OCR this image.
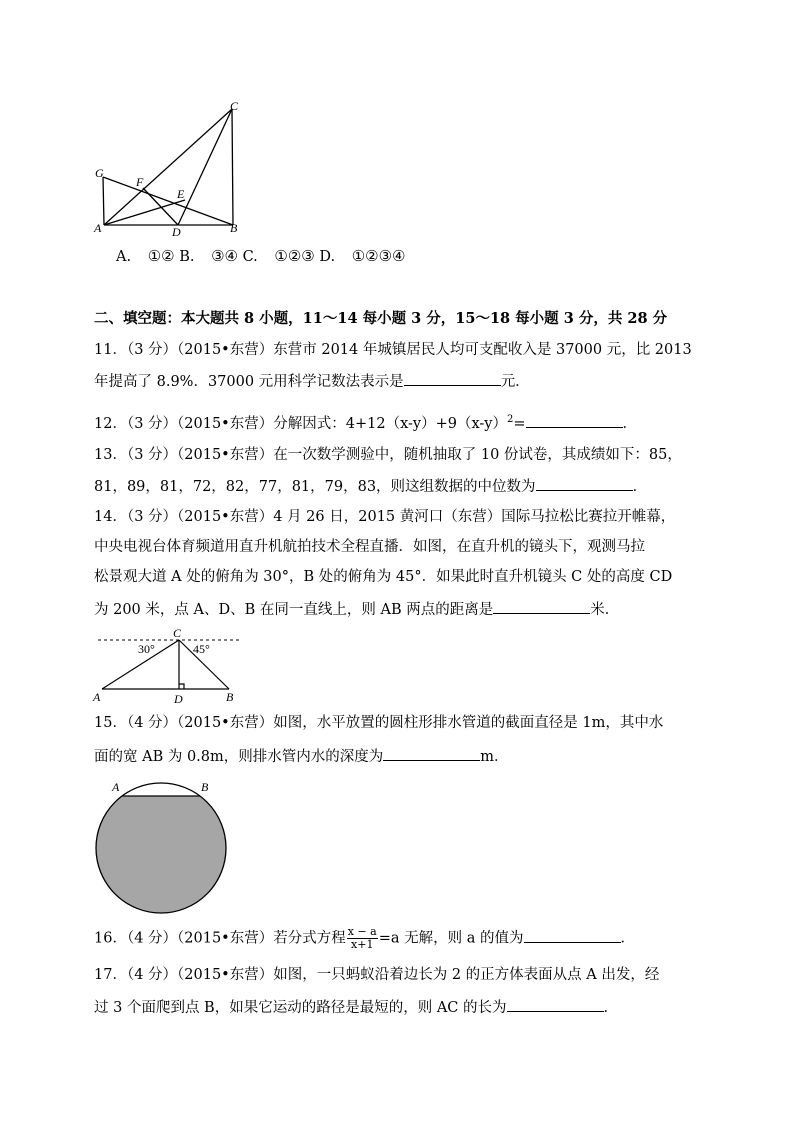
C
G
F
E
A	D	B
A. ①② B. ③④ C. ①②③ D. ①②③④
二、填空题：本大题共 8 小题，11～14 每小题 3 分，15～18 每小题 3 分，共 28 分
11．（3 分）（2015•东营）东营市 2014 年城镇居民人均可支配收入是 37000 元，比 2013
年提高了 8.9%．37000 元用科学记数法表示是	元．
12．（3 分）（2015•东营）分解因式：$4+12(x-y)+9(x-y)^2=$	．
13．（3 分）（2015•东营）在一次数学测验中，随机抽取了 10 份试卷，其成绩如下：85，
81，89，81，72，82，77，81，79，83，则这组数据的中位数为	．
14．（3 分）（2015•东营）4 月 26 日，2015 黄河口（东营）国际马拉松比赛拉开帷幕，
中央电视台体育频道用直升机航拍技术全程直播．如图，在直升机的镜头下，观测马拉
松景观大道 A 处的俯角为 30°，B 处的俯角为 45°．如果此时直升机镜头 C 处的高度 CD
为 200 米，点 A、D、B 在同一直线上，则 AB 两点的距离是	米．
C
30°	45°
A	D	B
15．（4 分）（2015•东营）如图，水平放置的圆柱形排水管道的截面直径是 1m，其中水
面的宽 AB 为 0.8m，则排水管内水的深度为	m．
A	B
16．（4 分）（2015•东营）若分式方程 $\frac{x - a}{x+1} =a$ 无解，则 a 的值为	．
17．（4 分）（2015•东营）如图，一只蚂蚁沿着边长为 2 的正方体表面从点 A 出发，经
过 3 个面爬到点 B，如果它运动的路径是最短的，则 AC 的长为	．
